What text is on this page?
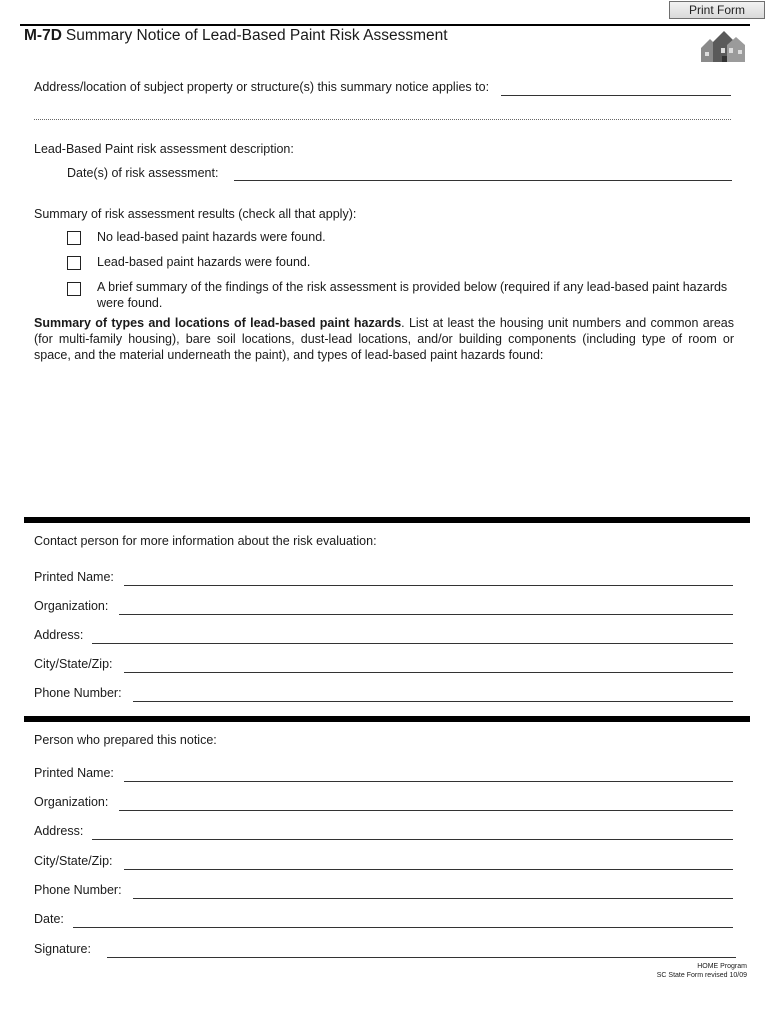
Print Form
M-7D Summary Notice of Lead-Based Paint Risk Assessment
Address/location of subject property or structure(s) this summary notice applies to:
Lead-Based Paint risk assessment description:
Date(s) of risk assessment:
Summary of risk assessment results (check all that apply):
No lead-based paint hazards were found.
Lead-based paint hazards were found.
A brief summary of the findings of the risk assessment is provided below (required if any lead-based paint hazards were found.
Summary of types and locations of lead-based paint hazards. List at least the housing unit numbers and common areas (for multi-family housing), bare soil locations, dust-lead locations, and/or building components (including type of room or space, and the material underneath the paint), and types of lead-based paint hazards found:
Contact person for more information about the risk evaluation:
Printed Name:
Organization:
Address:
City/State/Zip:
Phone Number:
Person who prepared this notice:
Printed Name:
Organization:
Address:
City/State/Zip:
Phone Number:
Date:
Signature:
HOME Program
SC State Form revised 10/09
